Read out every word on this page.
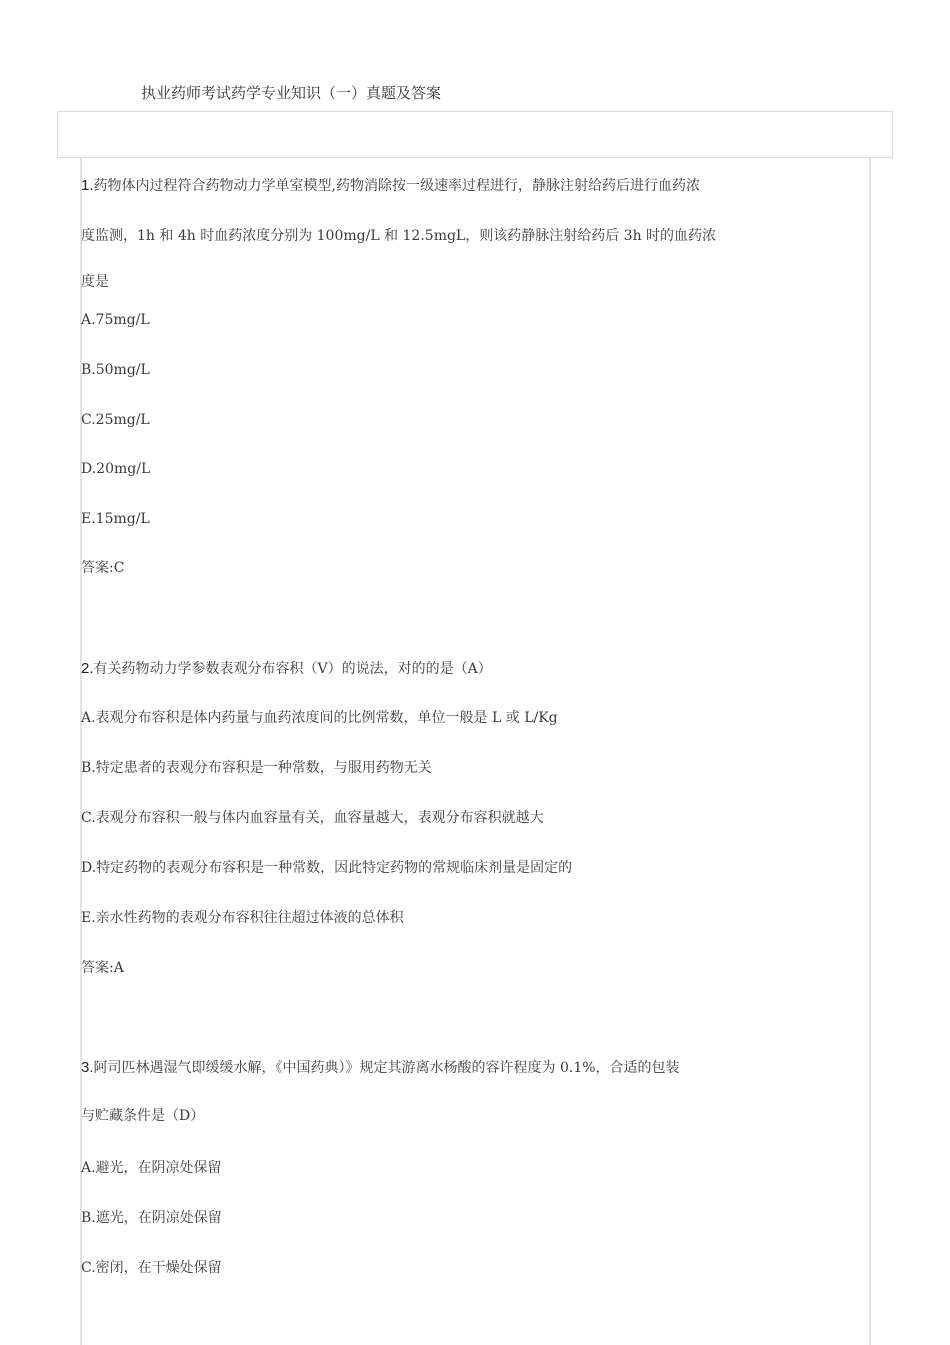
执业药师考试药学专业知识（一）真题及答案
1.药物体内过程符合药物动力学单室模型,药物消除按一级速率过程进行，静脉注射给药后进行血药浓
度监测，1h 和 4h 时血药浓度分别为 100mg/L 和 12.5mgL，则该药静脉注射给药后 3h 时的血药浓
度是
A.75mg/L
B.50mg/L
C.25mg/L
D.20mg/L
E.15mg/L
答案:C
2.有关药物动力学参数表观分布容积（V）的说法，对的的是（A）
A.表观分布容积是体内药量与血药浓度间的比例常数，单位一般是 L 或 L/Kg
B.特定患者的表观分布容积是一种常数，与服用药物无关
C.表观分布容积一般与体内血容量有关，血容量越大，表观分布容积就越大
D.特定药物的表观分布容积是一种常数，因此特定药物的常规临床剂量是固定的
E.亲水性药物的表观分布容积往往超过体液的总体积
答案:A
3.阿司匹林遇湿气即缓缓水解，《中国药典）》规定其游离水杨酸的容许程度为 0.1%，合适的包装
与贮藏条件是（D）
A.避光，在阴凉处保留
B.遮光，在阴凉处保留
C.密闭，在干燥处保留
